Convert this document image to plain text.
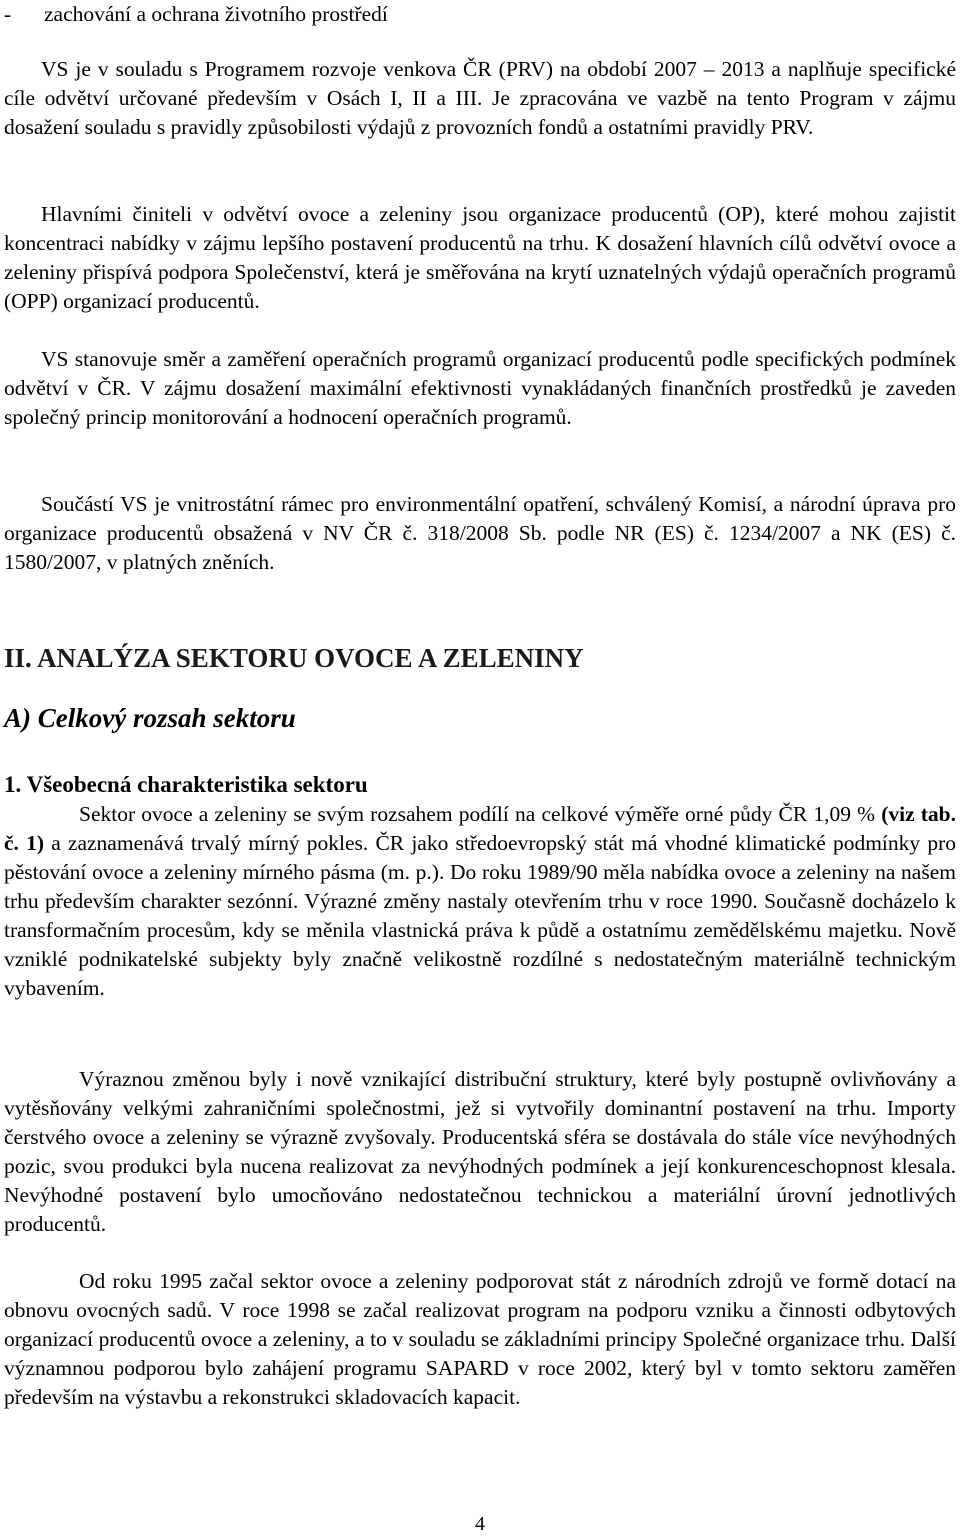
- zachování a ochrana životního prostředí

VS je v souladu s Programem rozvoje venkova ČR (PRV) na období 2007 – 2013 a naplňuje specifické cíle odvětví určované především v Osách I, II a III. Je zpracována ve vazbě na tento Program v zájmu dosažení souladu s pravidly způsobilosti výdajů z provozních fondů a ostatními pravidly PRV.

Hlavními činiteli v odvětví ovoce a zeleniny jsou organizace producentů (OP), které mohou zajistit koncentraci nabídky v zájmu lepšího postavení producentů na trhu. K dosažení hlavních cílů odvětví ovoce a zeleniny přispívá podpora Společenství, která je směřována na krytí uznatelných výdajů operačních programů (OPP) organizací producentů.

VS stanovuje směr a zaměření operačních programů organizací producentů podle specifických podmínek odvětví v ČR. V zájmu dosažení maximální efektivnosti vynakládaných finančních prostředků je zaveden společný princip monitorování a hodnocení operačních programů.

Součástí VS je vnitrostátní rámec pro environmentální opatření, schválený Komisí, a národní úprava pro organizace producentů obsažená v NV ČR č. 318/2008 Sb. podle NR (ES) č. 1234/2007 a NK (ES) č. 1580/2007, v platných zněních.

II. ANALÝZA SEKTORU OVOCE A ZELENINY
A) Celkový rozsah sektoru
1. Všeobecná charakteristika sektoru

Sektor ovoce a zeleniny se svým rozsahem podílí na celkové výměře orné půdy ČR 1,09 % (viz tab. č. 1) a zaznamenává trvalý mírný pokles. ČR jako středoevropský stát má vhodné klimatické podmínky pro pěstování ovoce a zeleniny mírného pásma (m. p.). Do roku 1989/90 měla nabídka ovoce a zeleniny na našem trhu především charakter sezónní. Výrazné změny nastaly otevřením trhu v roce 1990. Současně docházelo k transformačním procesům, kdy se měnila vlastnická práva k půdě a ostatnímu zemědělskému majetku. Nově vzniklé podnikatelské subjekty byly značně velikostně rozdílné s nedostatečným materiálně technickým vybavením.

Výraznou změnou byly i nově vznikající distribuční struktury, které byly postupně ovlivňovány a vytěsňovány velkými zahraničními společnostmi, jež si vytvořily dominantní postavení na trhu. Importy čerstvého ovoce a zeleniny se výrazně zvyšovaly. Producentská sféra se dostávala do stále více nevýhodných pozic, svou produkci byla nucena realizovat za nevýhodných podmínek a její konkurenceschopnost klesala. Nevýhodné postavení bylo umocňováno nedostatečnou technickou a materiální úrovní jednotlivých producentů.

Od roku 1995 začal sektor ovoce a zeleniny podporovat stát z národních zdrojů ve formě dotací na obnovu ovocných sadů. V roce 1998 se začal realizovat program na podporu vzniku a činnosti odbytových organizací producentů ovoce a zeleniny, a to v souladu se základními principy Společné organizace trhu. Další významnou podporou bylo zahájení programu SAPARD v roce 2002, který byl v tomto sektoru zaměřen především na výstavbu a rekonstrukci skladovacích kapacit.

4
